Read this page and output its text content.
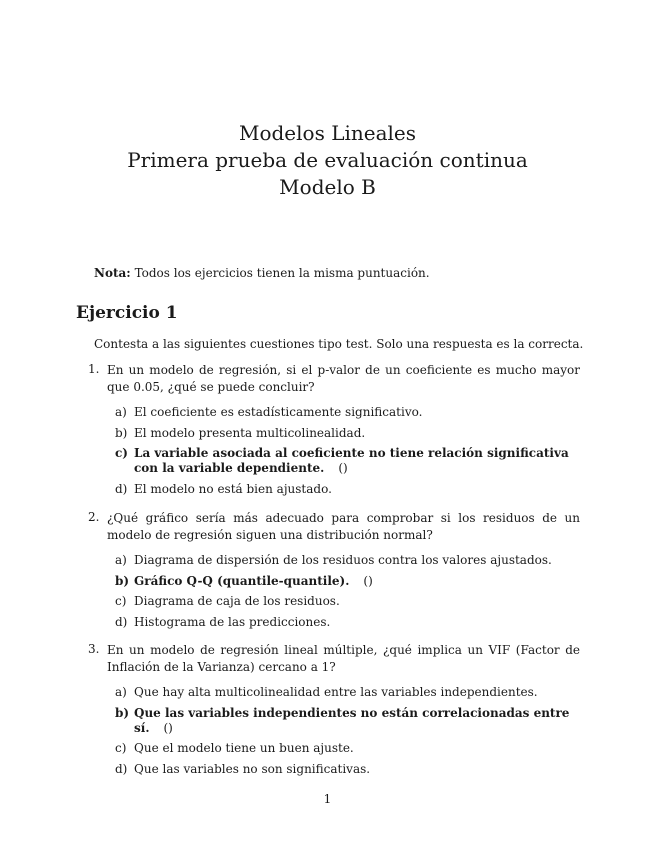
Modelos Lineales

Primera prueba de evaluación continua

Modelo B

Nota: Todos los ejercicios tienen la misma puntuación.
Ejercicio 1
Contesta a las siguientes cuestiones tipo test. Solo una respuesta es la correcta.
1. En un modelo de regresión, si el p-valor de un coeficiente es mucho mayor que 0.05, ¿qué se puede concluir?
a) El coeficiente es estadísticamente significativo.
b) El modelo presenta multicolinealidad.
c) La variable asociada al coeficiente no tiene relación significativa con la variable dependiente. ()
d) El modelo no está bien ajustado.
2. ¿Qué gráfico sería más adecuado para comprobar si los residuos de un modelo de regresión siguen una distribución normal?
a) Diagrama de dispersión de los residuos contra los valores ajustados.
b) Gráfico Q-Q (quantile-quantile). ()
c) Diagrama de caja de los residuos.
d) Histograma de las predicciones.
3. En un modelo de regresión lineal múltiple, ¿qué implica un VIF (Factor de Inflación de la Varianza) cercano a 1?
a) Que hay alta multicolinealidad entre las variables independientes.
b) Que las variables independientes no están correlacionadas entre sí. ()
c) Que el modelo tiene un buen ajuste.
d) Que las variables no son significativas.
1
